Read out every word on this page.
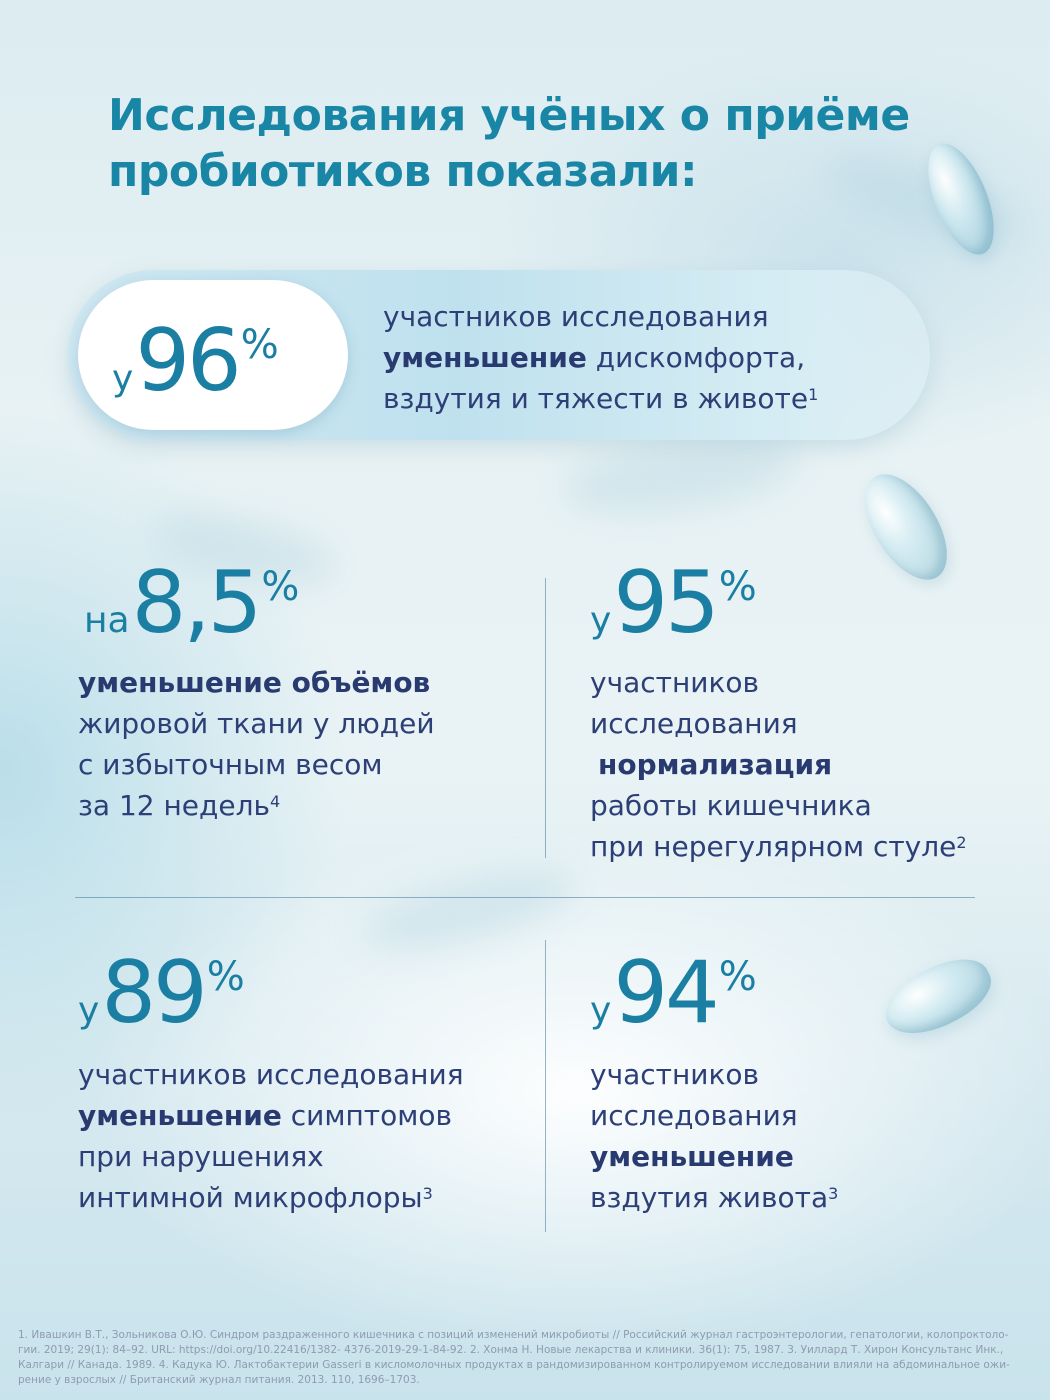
Исследования учёных о приёме
пробиотиков показали:
у96%

участников исследования
уменьшение дискомфорта,
вздутия и тяжести в животе$^1$

на8,5%

уменьшение объёмов
жировой ткани у людей
с избыточным весом
за 12 недель$^4$

у95%

участников
исследования
нормализация
работы кишечника
при нерегулярном стуле$^2$

у89%

участников исследования
уменьшение симптомов
при нарушениях
интимной микрофлоры$^3$

у94%

участников
исследования
уменьшение
вздутия живота$^3$

1. Ивашкин В.Т., Зольникова О.Ю. Синдром раздраженного кишечника с позиций изменений микробиоты // Российский журнал гастроэнтерологии, гепатологии, колопроктоло-
гии. 2019; 29(1): 84–92. URL: https://doi.org/10.22416/1382- 4376-2019-29-1-84-92. 2. Хонма Н. Новые лекарства и клиники. 36(1): 75, 1987. 3. Уиллард Т. Хирон Консультанс Инк.,
Калгари // Канада. 1989. 4. Кадука Ю. Лактобактерии Gasseri в кисломолочных продуктах в рандомизированном контролируемом исследовании влияли на абдоминальное ожи-
рение у взрослых // Британский журнал питания. 2013. 110, 1696–1703.
